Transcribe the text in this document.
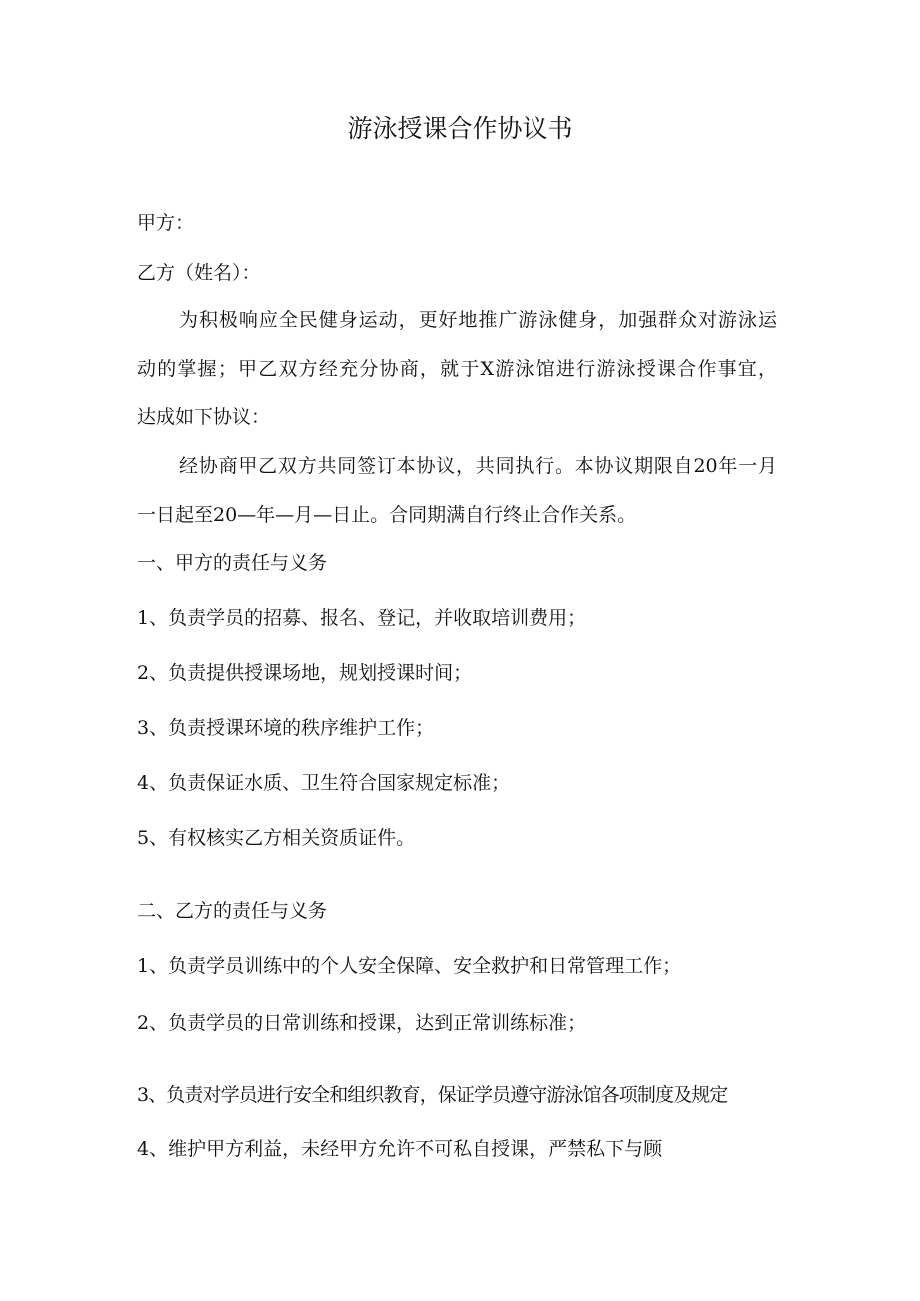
游泳授课合作协议书

甲方：

乙方（姓名）：

为积极响应全民健身运动，更好地推广游泳健身，加强群众对游泳运

动的掌握；甲乙双方经充分协商，就于X游泳馆进行游泳授课合作事宜，

达成如下协议：

经协商甲乙双方共同签订本协议，共同执行。本协议期限自20年一月

一日起至20—年—月—日止。合同期满自行终止合作关系。

一、甲方的责任与义务

1、负责学员的招募、报名、登记，并收取培训费用；

2、负责提供授课场地，规划授课时间；

3、负责授课环境的秩序维护工作；

4、负责保证水质、卫生符合国家规定标准；

5、有权核实乙方相关资质证件。

二、乙方的责任与义务

1、负责学员训练中的个人安全保障、安全救护和日常管理工作；

2、负责学员的日常训练和授课，达到正常训练标准；

3、负责对学员进行安全和组织教育，保证学员遵守游泳馆各项制度及规定

4、维护甲方利益，未经甲方允许不可私自授课，严禁私下与顾
